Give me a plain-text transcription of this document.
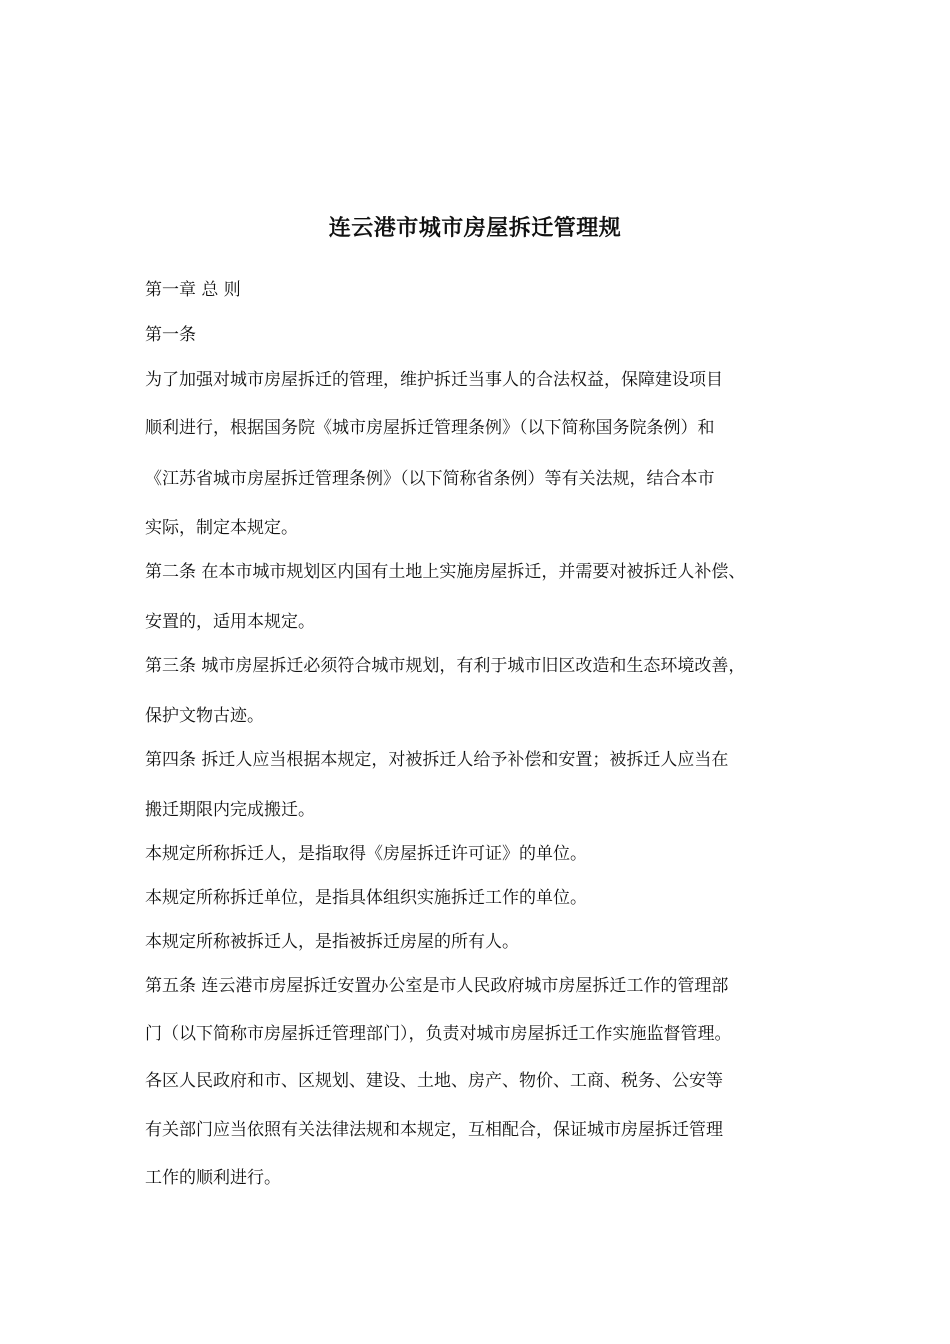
连云港市城市房屋拆迁管理规

第一章 总 则

第一条

为了加强对城市房屋拆迁的管理，维护拆迁当事人的合法权益，保障建设项目

顺利进行，根据国务院《城市房屋拆迁管理条例》（以下简称国务院条例）和

《江苏省城市房屋拆迁管理条例》（以下简称省条例）等有关法规，结合本市

实际，制定本规定。

第二条 在本市城市规划区内国有土地上实施房屋拆迁，并需要对被拆迁人补偿、

安置的，适用本规定。

第三条 城市房屋拆迁必须符合城市规划，有利于城市旧区改造和生态环境改善，

保护文物古迹。

第四条 拆迁人应当根据本规定，对被拆迁人给予补偿和安置；被拆迁人应当在

搬迁期限内完成搬迁。

本规定所称拆迁人，是指取得《房屋拆迁许可证》的单位。

本规定所称拆迁单位，是指具体组织实施拆迁工作的单位。

本规定所称被拆迁人，是指被拆迁房屋的所有人。

第五条 连云港市房屋拆迁安置办公室是市人民政府城市房屋拆迁工作的管理部

门（以下简称市房屋拆迁管理部门），负责对城市房屋拆迁工作实施监督管理。

各区人民政府和市、区规划、建设、土地、房产、物价、工商、税务、公安等

有关部门应当依照有关法律法规和本规定，互相配合，保证城市房屋拆迁管理

工作的顺利进行。
